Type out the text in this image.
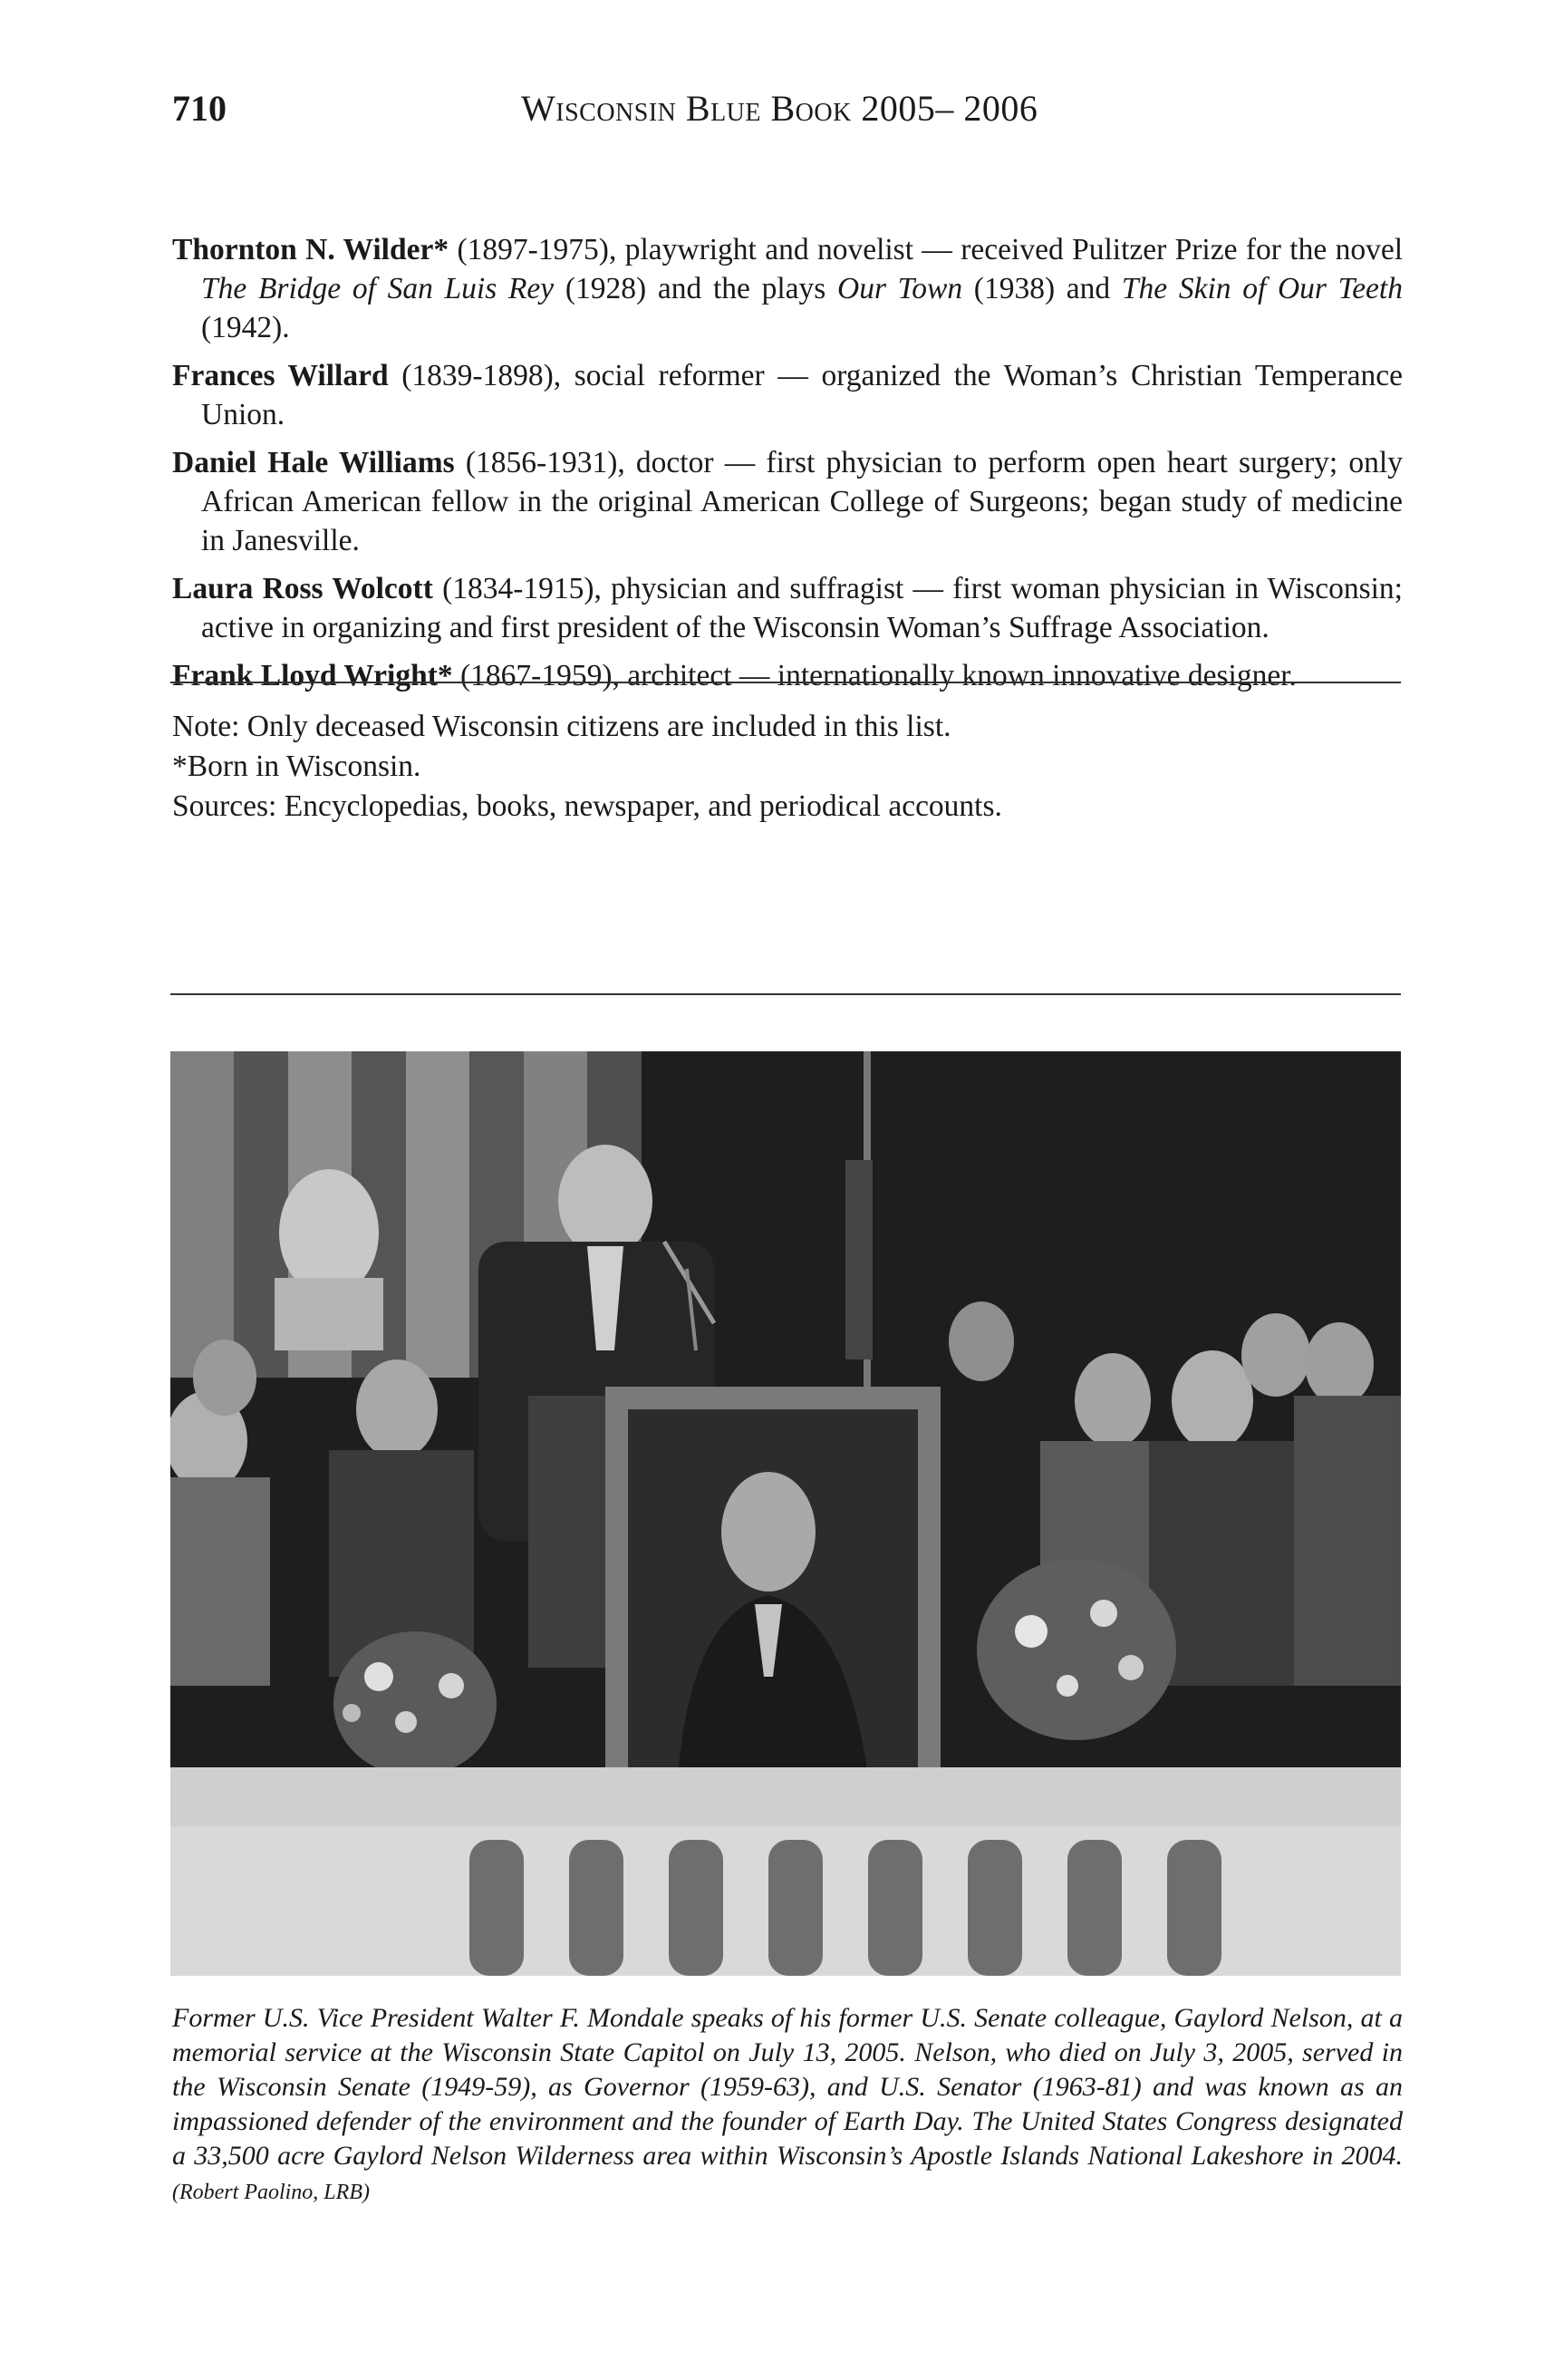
710	Wisconsin Blue Book 2005– 2006

Thornton N. Wilder* (1897-1975), playwright and novelist — received Pulitzer Prize for the novel The Bridge of San Luis Rey (1928) and the plays Our Town (1938) and The Skin of Our Teeth (1942).

Frances Willard (1839-1898), social reformer — organized the Woman’s Christian Temperance Union.

Daniel Hale Williams (1856-1931), doctor — first physician to perform open heart surgery; only African American fellow in the original American College of Surgeons; began study of medicine in Janesville.

Laura Ross Wolcott (1834-1915), physician and suffragist — first woman physician in Wisconsin; active in organizing and first president of the Wisconsin Woman’s Suffrage Association.

Frank Lloyd Wright* (1867-1959), architect — internationally known innovative designer.

Note: Only deceased Wisconsin citizens are included in this list.
*Born in Wisconsin.
Sources: Encyclopedias, books, newspaper, and periodical accounts.
Former U.S. Vice President Walter F. Mondale speaks of his former U.S. Senate colleague, Gaylord Nelson, at a memorial service at the Wisconsin State Capitol on July 13, 2005. Nelson, who died on July 3, 2005, served in the Wisconsin Senate (1949-59), as Governor (1959-63), and U.S. Senator (1963-81) and was known as an impassioned defender of the environment and the founder of Earth Day. The United States Congress designated a 33,500 acre Gaylord Nelson Wilderness area within Wisconsin’s Apostle Islands National Lakeshore in 2004. (Robert Paolino, LRB)
